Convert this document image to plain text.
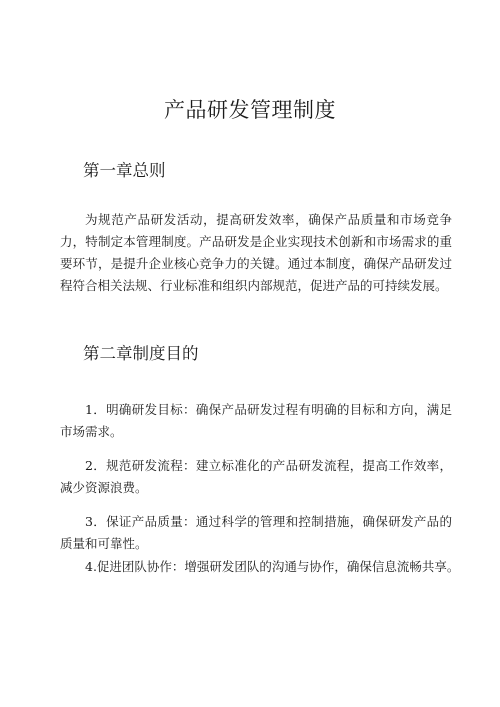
产品研发管理制度
第一章总则

为规范产品研发活动，提高研发效率，确保产品质量和市场竞争力，特制定本管理制度。产品研发是企业实现技术创新和市场需求的重要环节，是提升企业核心竞争力的关键。通过本制度，确保产品研发过程符合相关法规、行业标准和组织内部规范，促进产品的可持续发展。

第二章制度目的

1．明确研发目标：确保产品研发过程有明确的目标和方向，满足市场需求。

2．规范研发流程：建立标准化的产品研发流程，提高工作效率，减少资源浪费。

3．保证产品质量：通过科学的管理和控制措施，确保研发产品的质量和可靠性。

4.促进团队协作：增强研发团队的沟通与协作，确保信息流畅共享。
